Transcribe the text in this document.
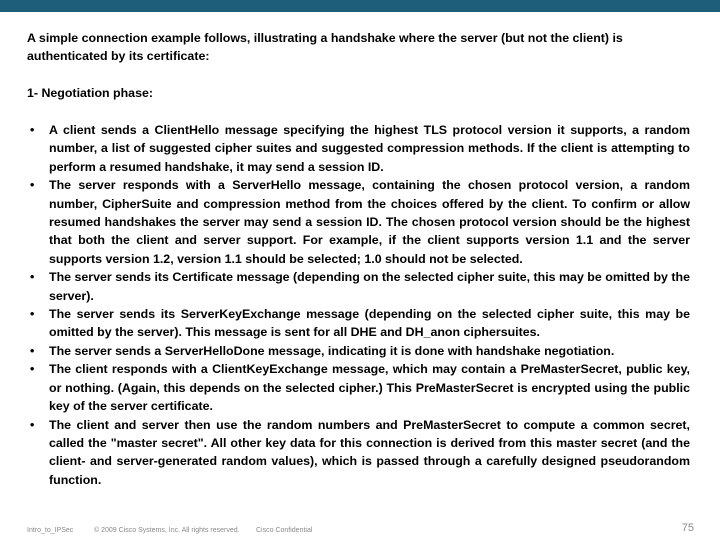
A simple connection example follows, illustrating a handshake where the server (but not the client) is authenticated by its certificate:

1- Negotiation phase:

• A client sends a ClientHello message specifying the highest TLS protocol version it supports, a random number, a list of suggested cipher suites and suggested compression methods. If the client is attempting to perform a resumed handshake, it may send a session ID.
• The server responds with a ServerHello message, containing the chosen protocol version, a random number, CipherSuite and compression method from the choices offered by the client. To confirm or allow resumed handshakes the server may send a session ID. The chosen protocol version should be the highest that both the client and server support. For example, if the client supports version 1.1 and the server supports version 1.2, version 1.1 should be selected; 1.0 should not be selected.
• The server sends its Certificate message (depending on the selected cipher suite, this may be omitted by the server).
• The server sends its ServerKeyExchange message (depending on the selected cipher suite, this may be omitted by the server). This message is sent for all DHE and DH_anon ciphersuites.
• The server sends a ServerHelloDone message, indicating it is done with handshake negotiation.
• The client responds with a ClientKeyExchange message, which may contain a PreMasterSecret, public key, or nothing. (Again, this depends on the selected cipher.) This PreMasterSecret is encrypted using the public key of the server certificate.
• The client and server then use the random numbers and PreMasterSecret to compute a common secret, called the "master secret". All other key data for this connection is derived from this master secret (and the client- and server-generated random values), which is passed through a carefully designed pseudorandom function.
Intro_to_IPSec	© 2009 Cisco Systems, Inc. All rights reserved. Cisco Confidential	75
